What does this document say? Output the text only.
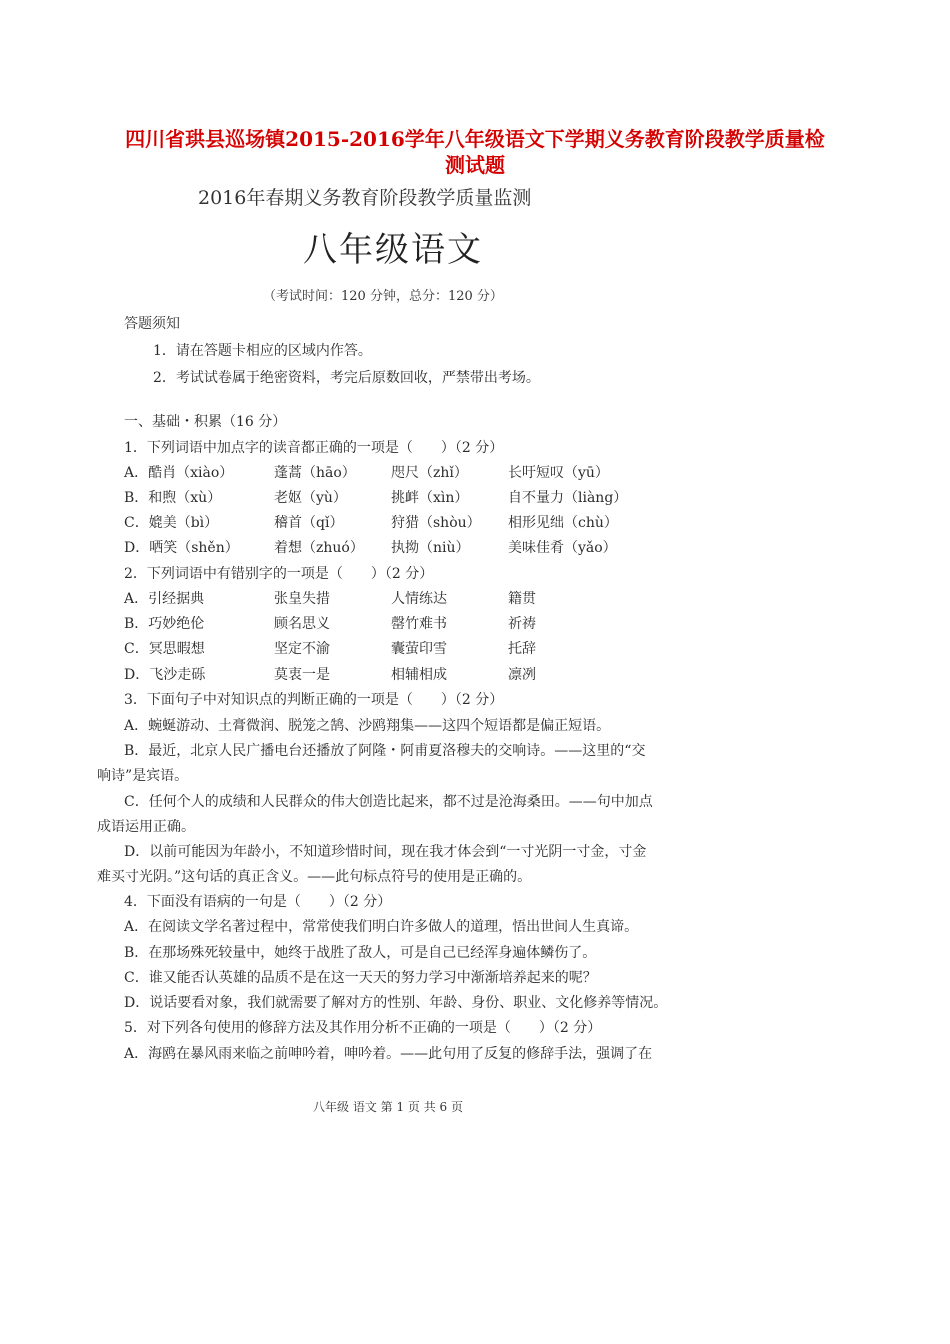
四川省珙县巡场镇2015-2016学年八年级语文下学期义务教育阶段教学质量检
测试题
2016年春期义务教育阶段教学质量监测
八年级语文
（考试时间：120 分钟，总分：120 分）
答题须知
1．请在答题卡相应的区域内作答。
2．考试试卷属于绝密资料，考完后原数回收，严禁带出考场。
一、基础・积累（16 分）
1．下列词语中加点字的读音都正确的一项是（　　）（2 分）
A．酷肖（xiào）	蓬蒿（hāo）	咫尺（zhǐ）	长吁短叹（yū）
B．和煦（xù）	老妪（yù）	挑衅（xìn）	自不量力（liàng）
C．媲美（bì）	稽首（qǐ）	狩猎（shòu） 相形见绌（chù）
D．哂笑（shěn）	着想（zhuó） 执拗（niù）	美味佳肴（yǎo）
2．下列词语中有错别字的一项是（　　）（2 分）
A．引经据典	张皇失措	人情练达	籍贯
B．巧妙绝伦	顾名思义	罄竹难书	祈祷
C．冥思暇想	坚定不渝	囊萤印雪	托辞
D．飞沙走砾	莫衷一是	相辅相成	凛冽
3．下面句子中对知识点的判断正确的一项是（　　）（2 分）
A．蜿蜒游动、土膏微润、脱笼之鹄、沙鸥翔集——这四个短语都是偏正短语。
B．最近，北京人民广播电台还播放了阿隆・阿甫夏洛穆夫的交响诗。——这里的“交
响诗”是宾语。
C．任何个人的成绩和人民群众的伟大创造比起来，都不过是沧海桑田。——句中加点
成语运用正确。
D．以前可能因为年龄小，不知道珍惜时间，现在我才体会到“一寸光阴一寸金，寸金
难买寸光阴。”这句话的真正含义。——此句标点符号的使用是正确的。
4．下面没有语病的一句是（　　）（2 分）
A．在阅读文学名著过程中，常常使我们明白许多做人的道理，悟出世间人生真谛。
B．在那场殊死较量中，她终于战胜了敌人，可是自己已经浑身遍体鳞伤了。
C．谁又能否认英雄的品质不是在这一天天的努力学习中渐渐培养起来的呢？
D．说话要看对象，我们就需要了解对方的性别、年龄、身份、职业、文化修养等情况。
5．对下列各句使用的修辞方法及其作用分析不正确的一项是（　　）（2 分）
A．海鸥在暴风雨来临之前呻吟着，呻吟着。——此句用了反复的修辞手法，强调了在
八年级 语文 第 1 页 共 6 页
